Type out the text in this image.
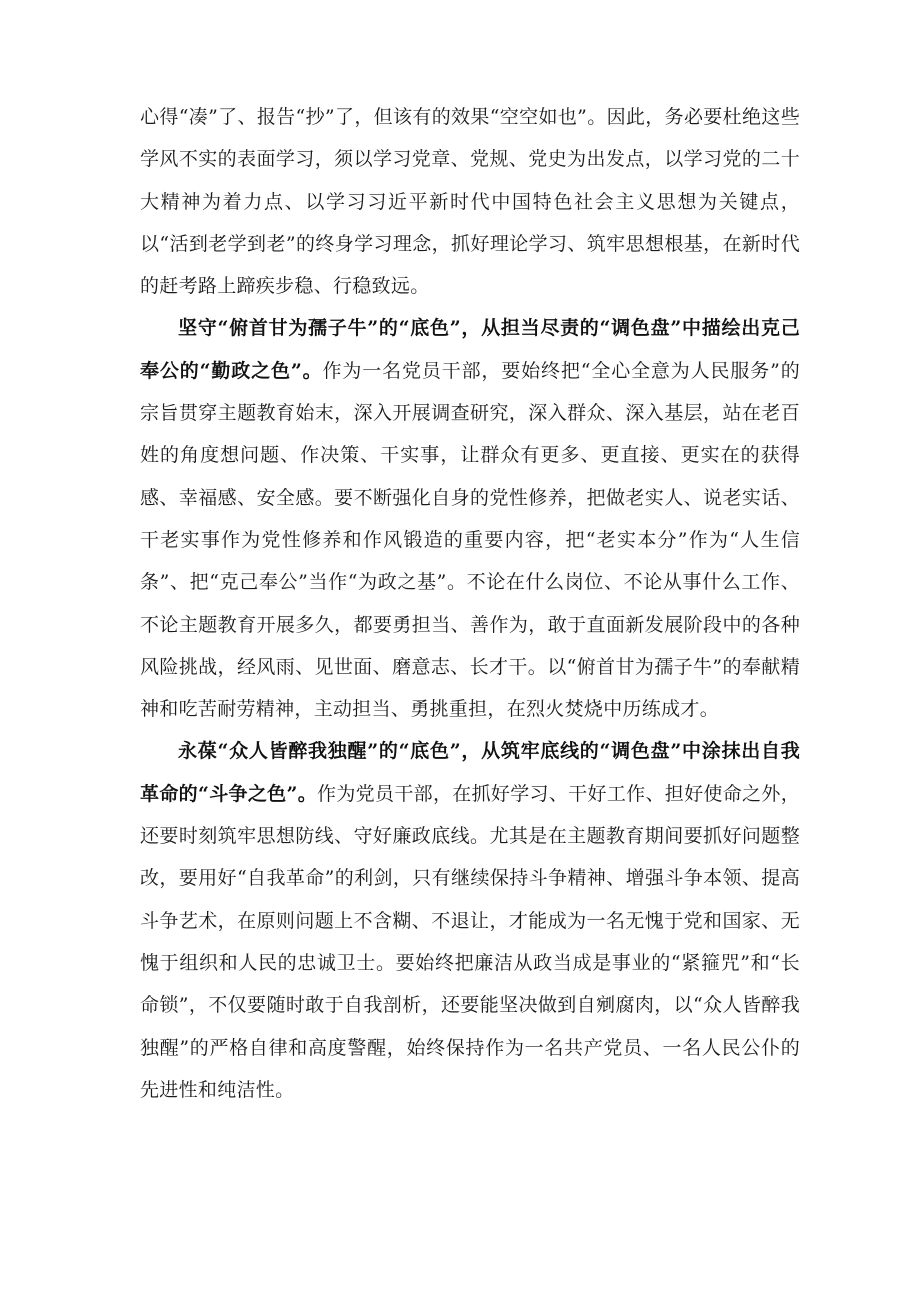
心得“凑”了、报告“抄”了，但该有的效果“空空如也”。因此，务必要杜绝这些学风不实的表面学习，须以学习党章、党规、党史为出发点，以学习党的二十大精神为着力点、以学习习近平新时代中国特色社会主义思想为关键点，以“活到老学到老”的终身学习理念，抓好理论学习、筑牢思想根基，在新时代的赶考路上蹄疾步稳、行稳致远。

坚守“俯首甘为孺子牛”的“底色”，从担当尽责的“调色盘”中描绘出克己奉公的“勤政之色”。作为一名党员干部，要始终把“全心全意为人民服务”的宗旨贯穿主题教育始末，深入开展调查研究，深入群众、深入基层，站在老百姓的角度想问题、作决策、干实事，让群众有更多、更直接、更实在的获得感、幸福感、安全感。要不断强化自身的党性修养，把做老实人、说老实话、干老实事作为党性修养和作风锻造的重要内容，把“老实本分”作为“人生信条”、把“克己奉公”当作“为政之基”。不论在什么岗位、不论从事什么工作、不论主题教育开展多久，都要勇担当、善作为，敢于直面新发展阶段中的各种风险挑战，经风雨、见世面、磨意志、长才干。以“俯首甘为孺子牛”的奉献精神和吃苦耐劳精神，主动担当、勇挑重担，在烈火焚烧中历练成才。

永葆“众人皆醉我独醒”的“底色”，从筑牢底线的“调色盘”中涂抹出自我革命的“斗争之色”。作为党员干部，在抓好学习、干好工作、担好使命之外，还要时刻筑牢思想防线、守好廉政底线。尤其是在主题教育期间要抓好问题整改，要用好“自我革命”的利剑，只有继续保持斗争精神、增强斗争本领、提高斗争艺术，在原则问题上不含糊、不退让，才能成为一名无愧于党和国家、无愧于组织和人民的忠诚卫士。要始终把廉洁从政当成是事业的“紧箍咒”和“长命锁”，不仅要随时敢于自我剖析，还要能坚决做到自剜腐肉，以“众人皆醉我独醒”的严格自律和高度警醒，始终保持作为一名共产党员、一名人民公仆的先进性和纯洁性。
